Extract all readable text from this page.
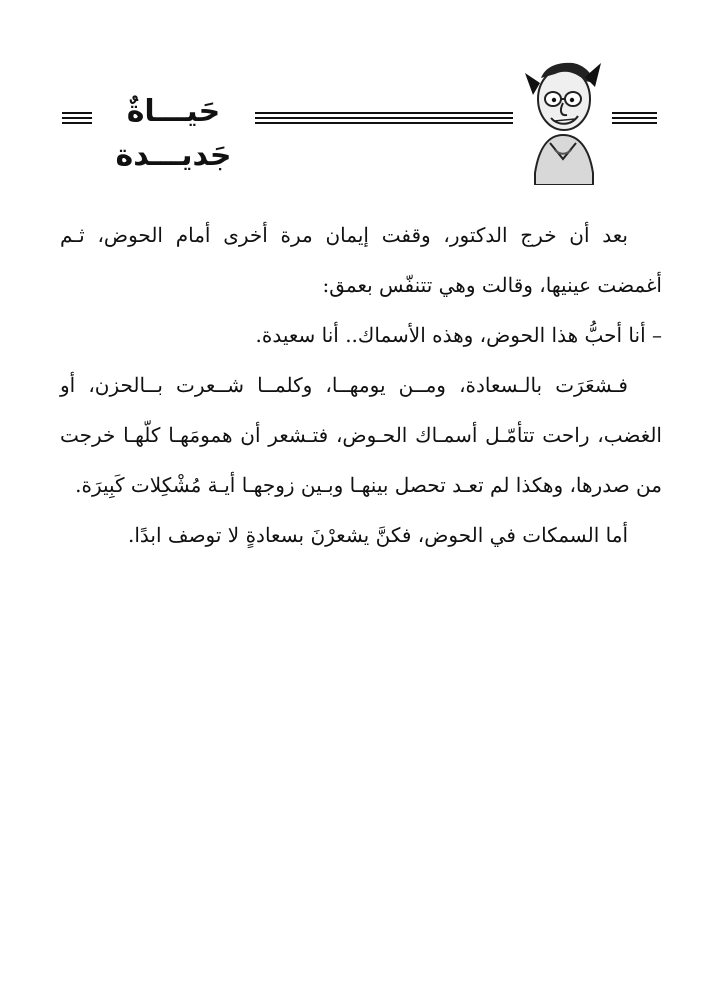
حَيـــاةٌ جَديـــدة

بعد أن خرج الدكتور، وقفت إيمان مرة أخرى أمام الحوض، ثـم أغمضت عينيها، وقالت وهي تتنفّس بعمق:

– أنا أحبُّ هذا الحوض، وهذه الأسماك.. أنا سعيدة.

فـشعَرَت بالـسعادة، ومــن يومهــا، وكلمــا شــعرت بــالحزن، أو الغضب، راحت تتأمّـل أسمـاك الحـوض، فتـشعر أن همومَهـا كلّهـا خرجت من صدرها، وهكذا لم تعـد تحصل بينهـا وبـين زوجهـا أيـة مُشْكِلات كَبِيرَة.

أما السمكات في الحوض، فكنَّ يشعرْنَ بسعادةٍ لا توصف ابدًا.
